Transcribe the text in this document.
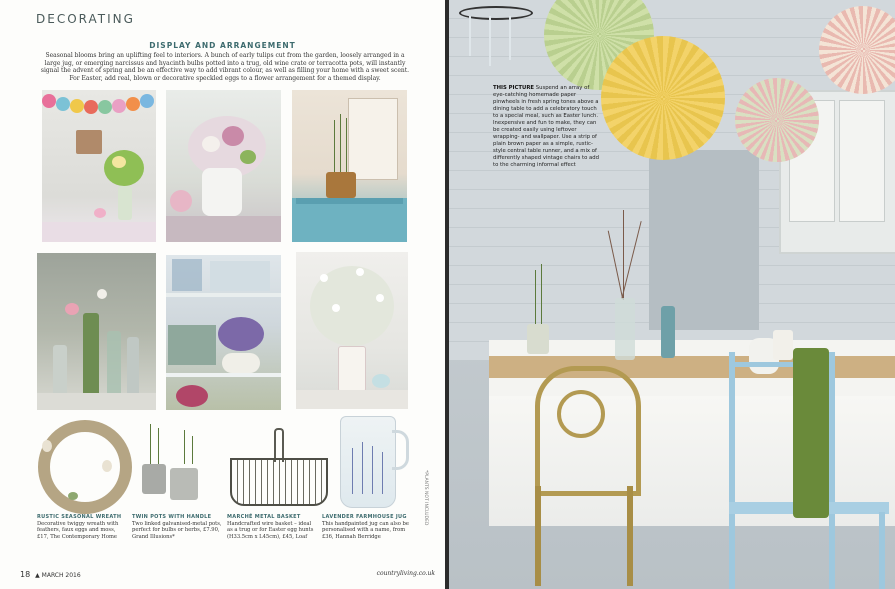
DECORATING
DISPLAY AND ARRANGEMENT
Seasonal blooms bring an uplifting feel to interiors. A bunch of early tulips cut from the garden, loosely arranged in a large jug, or emerging narcissus and hyacinth bulbs potted into a trug, old wine crate or terracotta pots, will instantly signal the advent of spring and be an effective way to add vibrant colour, as well as filling your home with a sweet scent. For Easter, add real, blown or decorative speckled eggs to a flower arrangement for a themed display.
RUSTIC SEASONAL WREATH
Decorative twiggy wreath with feathers, faux eggs and moss, £17, The Contemporary Home
TWIN POTS WITH HANDLE
Two linked galvanised-metal pots, perfect for bulbs or herbs, £7.90, Grand Illusions*
MARCHÉ METAL BASKET
Handcrafted wire basket – ideal as a trug or for Easter egg hunts (H33.5cm x L45cm), £45, Loaf
LAVENDER FARMHOUSE JUG
This handpainted jug can also be personalised with a name, from £36, Hannah Berridge
*PLANTS NOT INCLUDED
18 ▲ MARCH 2016	countryliving.co.uk
THIS PICTURE Suspend an array of eye-catching homemade paper pinwheels in fresh spring tones above a dining table to add a celebratory touch to a special meal, such as Easter lunch. Inexpensive and fun to make, they can be created easily using leftover wrapping- and wallpaper. Use a strip of plain brown paper as a simple, rustic-style central table runner, and a mix of differently shaped vintage chairs to add to the charming informal effect
